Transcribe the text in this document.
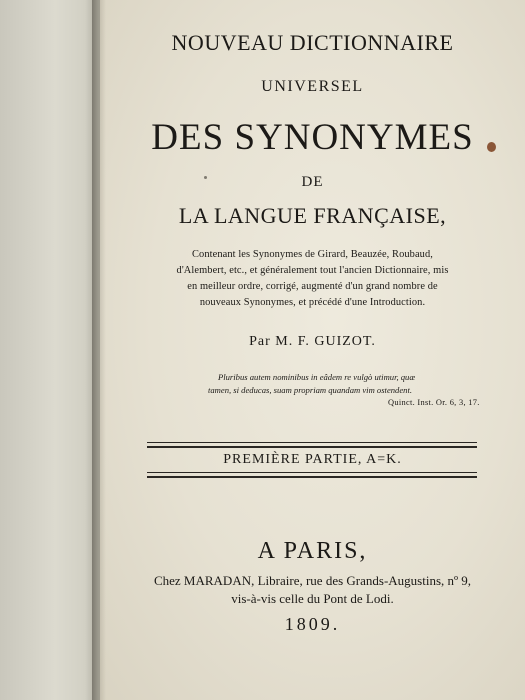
NOUVEAU DICTIONNAIRE
UNIVERSEL
DES SYNONYMES
DE
LA LANGUE FRANÇAISE,
Contenant les Synonymes de Girard, Beauzée, Roubaud,
d'Alembert, etc., et généralement tout l'ancien Dictionnaire, mis
en meilleur ordre, corrigé, augmenté d'un grand nombre de
nouveaux Synonymes, et précédé d'une Introduction.
Par M. F. GUIZOT.
Pluribus autem nominibus in eâdem re vulgò utimur, quæ
tamen, si deducas, suam propriam quandam vim ostendent.
Quinct. Inst. Or. 6, 3, 17.
PREMIÈRE PARTIE, A=K.
A PARIS,
Chez MARADAN, Libraire, rue des Grands-Augustins, nº 9,
vis-à-vis celle du Pont de Lodi.
1809.
